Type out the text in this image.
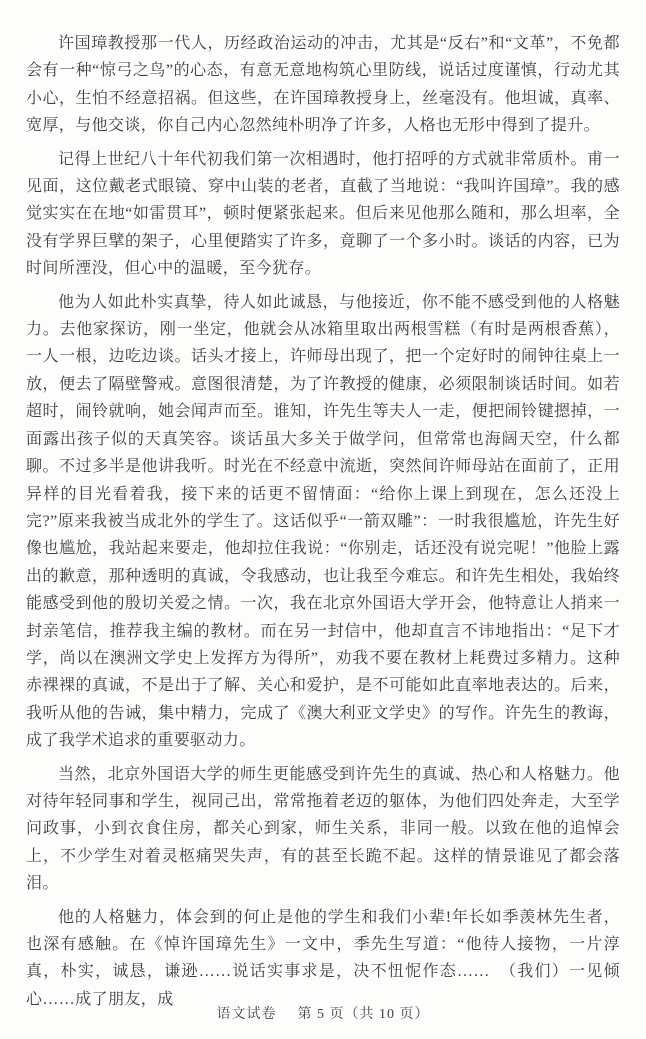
许国璋教授那一代人，历经政治运动的冲击，尤其是“反右”和“文革”，不免都会有一种“惊弓之鸟”的心态，有意无意地构筑心里防线，说话过度谨慎，行动尤其小心，生怕不经意招祸。但这些，在许国璋教授身上，丝毫没有。他坦诚，真率、宽厚，与他交谈，你自己内心忽然纯朴明净了许多，人格也无形中得到了提升。

记得上世纪八十年代初我们第一次相遇时，他打招呼的方式就非常质朴。甫一见面，这位戴老式眼镜、穿中山装的老者，直截了当地说：“我叫许国璋”。我的感觉实实在在地“如雷贯耳”，顿时便紧张起来。但后来见他那么随和，那么坦率，全没有学界巨擘的架子，心里便踏实了许多，竟聊了一个多小时。谈话的内容，已为时间所湮没，但心中的温暖，至今犹存。

他为人如此朴实真挚，待人如此诚恳，与他接近，你不能不感受到他的人格魅力。去他家探访，刚一坐定，他就会从冰箱里取出两根雪糕（有时是两根香蕉），一人一根，边吃边谈。话头才接上，许师母出现了，把一个定好时的闹钟往桌上一放，便去了隔壁警戒。意图很清楚，为了许教授的健康，必须限制谈话时间。如若超时，闹铃就响，她会闻声而至。谁知，许先生等夫人一走，便把闹铃键摁掉，一面露出孩子似的天真笑容。谈话虽大多关于做学问，但常常也海阔天空，什么都聊。不过多半是他讲我听。时光在不经意中流逝，突然间许师母站在面前了，正用异样的目光看着我，接下来的话更不留情面：“给你上课上到现在，怎么还没上完?”原来我被当成北外的学生了。这话似乎“一箭双雕”：一时我很尴尬，许先生好像也尴尬，我站起来要走，他却拉住我说：“你别走，话还没有说完呢！”他脸上露出的歉意，那种透明的真诚，令我感动，也让我至今难忘。和许先生相处，我始终能感受到他的殷切关爱之情。一次，我在北京外国语大学开会，他特意让人捎来一封亲笔信，推荐我主编的教材。而在另一封信中，他却直言不讳地指出：“足下才学，尚以在澳洲文学史上发挥方为得所”，劝我不要在教材上耗费过多精力。这种赤裸裸的真诚，不是出于了解、关心和爱护，是不可能如此直率地表达的。后来，我听从他的告诫，集中精力，完成了《澳大利亚文学史》的写作。许先生的教诲，成了我学术追求的重要驱动力。

当然，北京外国语大学的师生更能感受到许先生的真诚、热心和人格魅力。他对待年轻同事和学生，视同己出，常常拖着老迈的躯体，为他们四处奔走，大至学问政事，小到衣食住房，都关心到家，师生关系，非同一般。以致在他的追悼会上，不少学生对着灵柩痛哭失声，有的甚至长跪不起。这样的情景谁见了都会落泪。

他的人格魅力，体会到的何止是他的学生和我们小辈!年长如季羡林先生者，也深有感触。在《悼许国璋先生》一文中，季先生写道：“他待人接物，一片淳真，朴实，诚恳，谦逊……说话实事求是，决不忸怩作态……　（我们）一见倾心……成了朋友，成

语文试卷 第 5 页（共 10 页）
